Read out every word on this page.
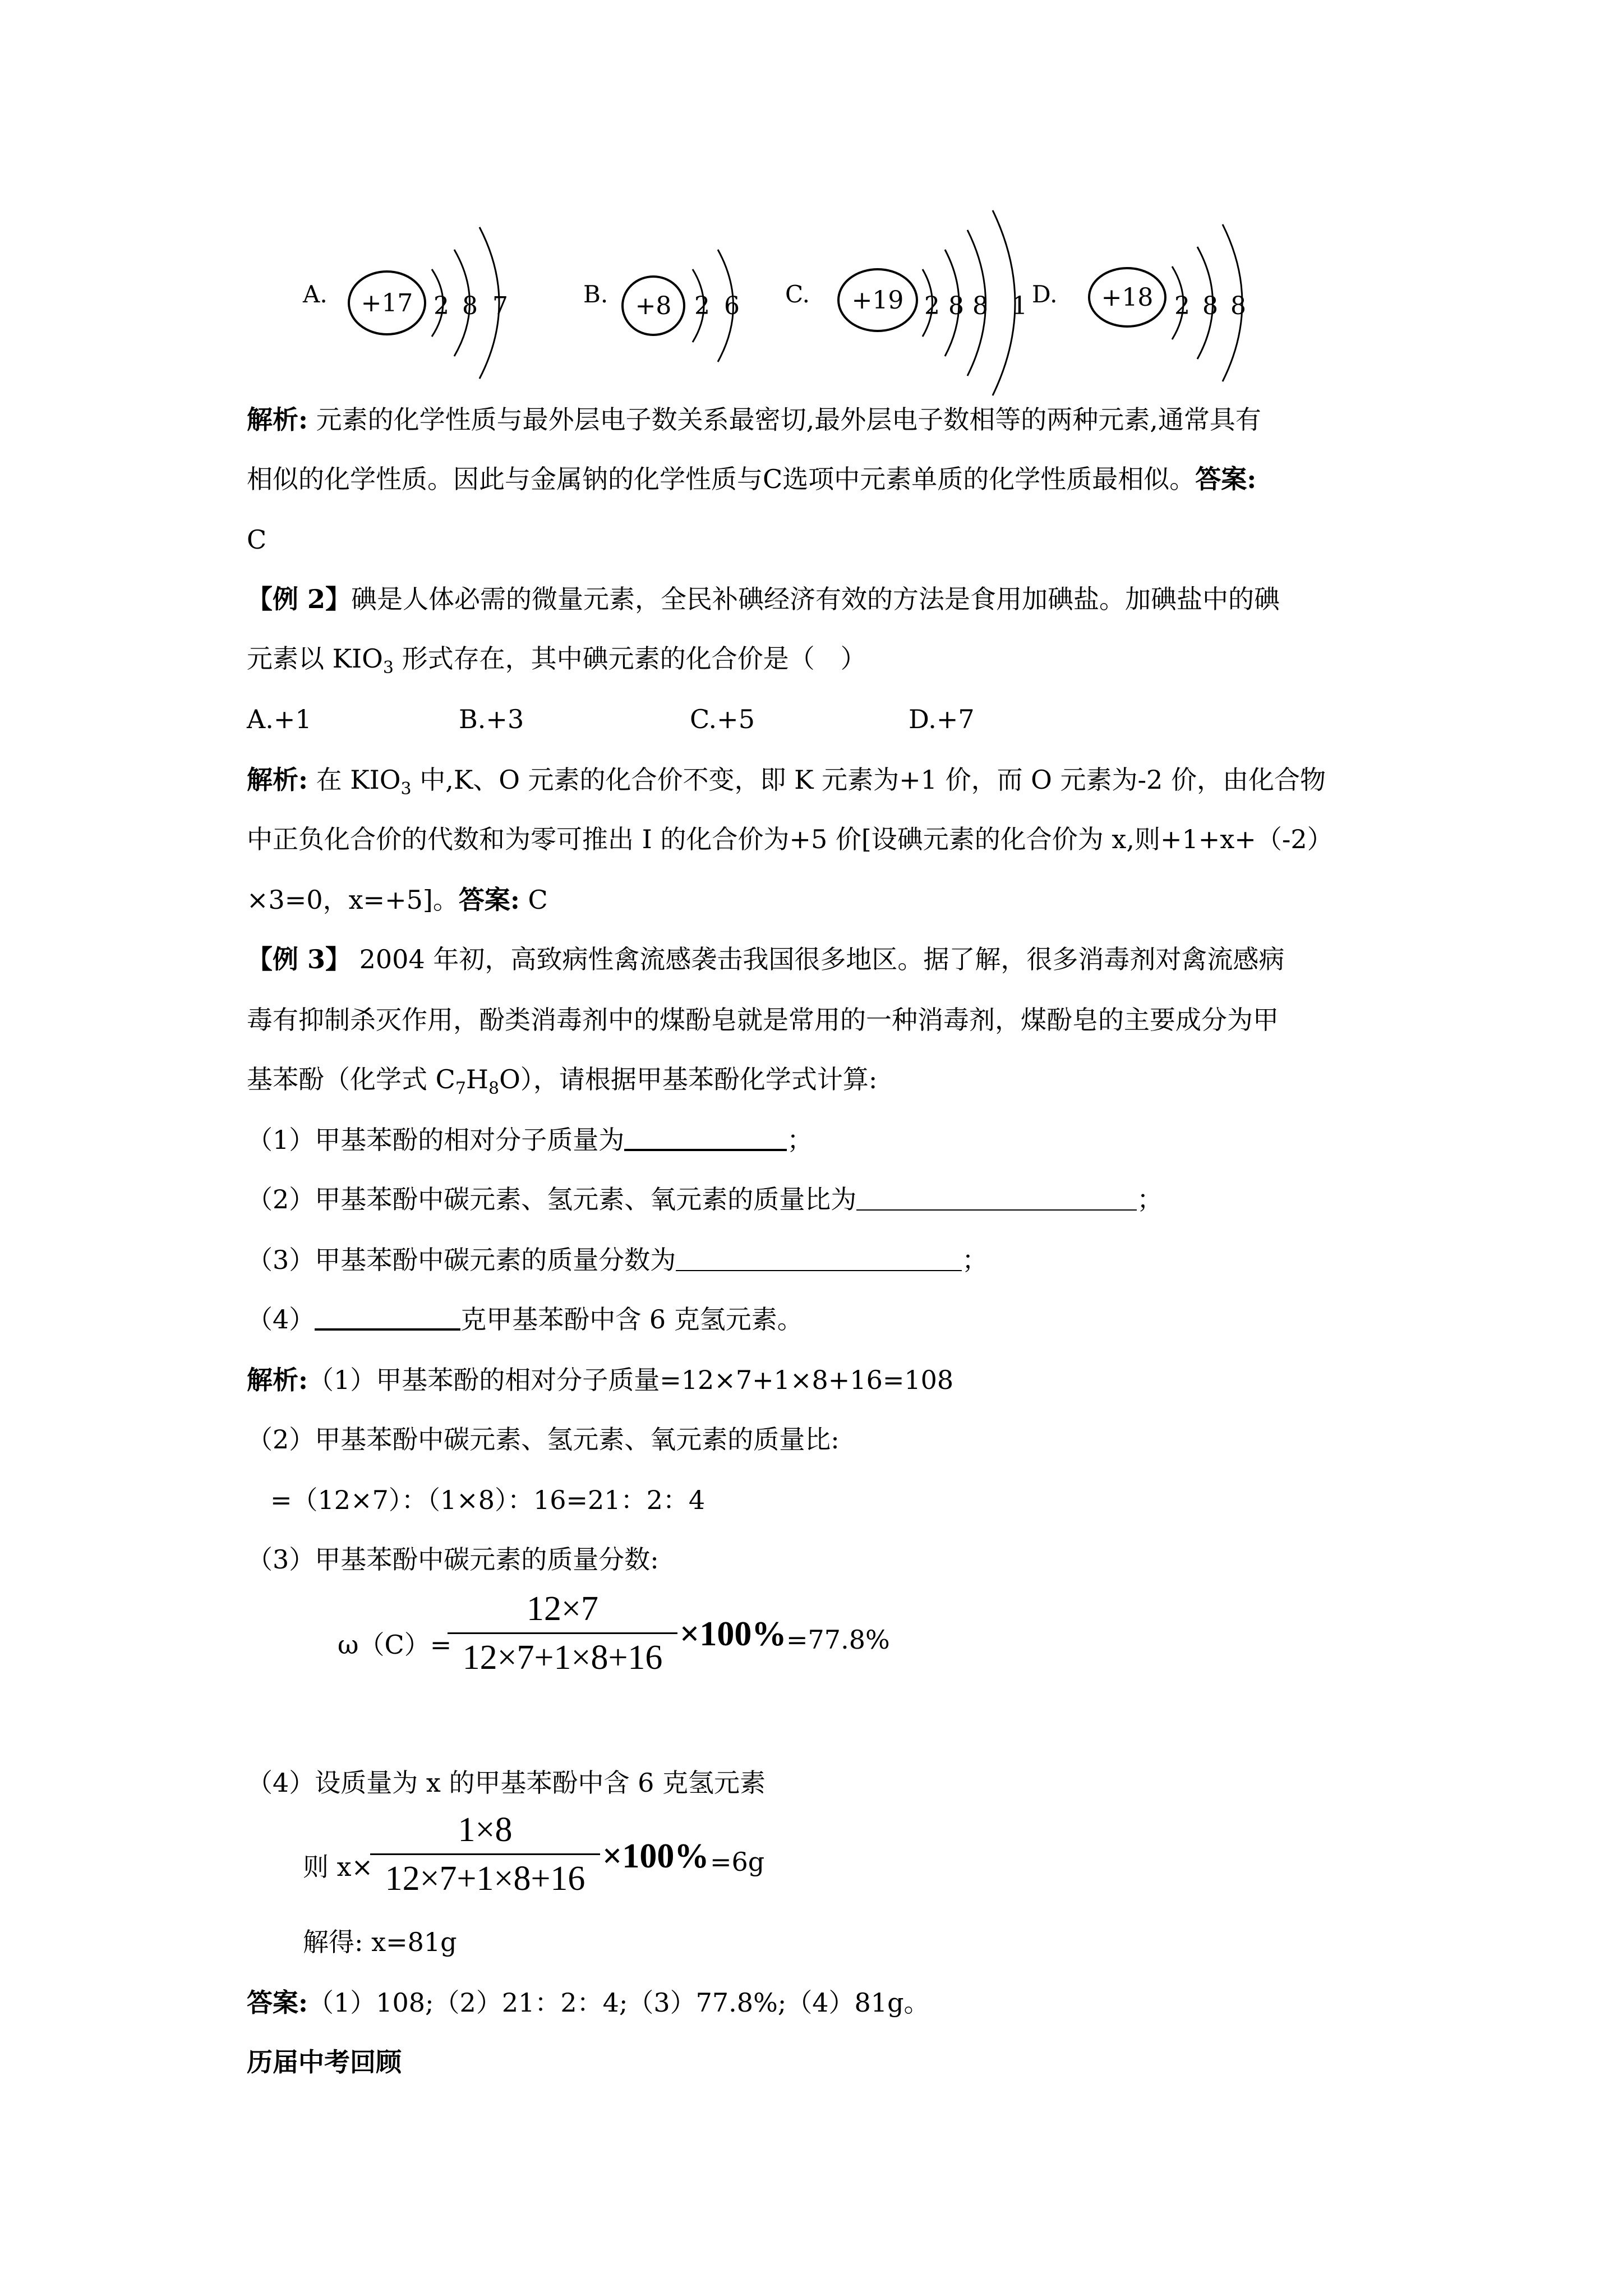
A. +17 2 8 7	B. +8 2 6 C. +19 2 8 8 1 D. +18 2 8 8
解析: 元素的化学性质与最外层电子数关系最密切,最外层电子数相等的两种元素,通常具有
相似的化学性质。因此与金属钠的化学性质与C选项中元素单质的化学性质最相似。答案:
C
【例 2】碘是人体必需的微量元素，全民补碘经济有效的方法是食用加碘盐。加碘盐中的碘
元素以 $KIO_3$ 形式存在，其中碘元素的化合价是（　）
A.+1	B.+3	C.+5	D.+7
解析: 在 $KIO_3$ 中,K、O 元素的化合价不变，即 K 元素为+1 价，而 O 元素为-2 价，由化合物
中正负化合价的代数和为零可推出 I 的化合价为+5 价[设碘元素的化合价为 x,则+1+x+（-2）
×3=0，x=+5]。答案: C
【例 3】 2004 年初，高致病性禽流感袭击我国很多地区。据了解，很多消毒剂对禽流感病
毒有抑制杀灭作用，酚类消毒剂中的煤酚皂就是常用的一种消毒剂，煤酚皂的主要成分为甲
基苯酚（化学式 $C_7H_8O$），请根据甲基苯酚化学式计算:
（1）甲基苯酚的相对分子质量为	；
（2）甲基苯酚中碳元素、氢元素、氧元素的质量比为	；
（3）甲基苯酚中碳元素的质量分数为	；
（4）	克甲基苯酚中含 6 克氢元素。
解析:（1）甲基苯酚的相对分子质量=12×7+1×8+16=108
（2）甲基苯酚中碳元素、氢元素、氧元素的质量比:
=（12×7）：（1×8）：16=21：2：4
（3）甲基苯酚中碳元素的质量分数:
ω（C）=
12×7
12×7+1×8+16
×100% =77.8%
（4）设质量为 x 的甲基苯酚中含 6 克氢元素
则 x×
1×8
12×7+1×8+16
×100% =6g
解得: x=81g
答案:（1）108;（2）21：2：4;（3）77.8%;（4）81g。
历届中考回顾
